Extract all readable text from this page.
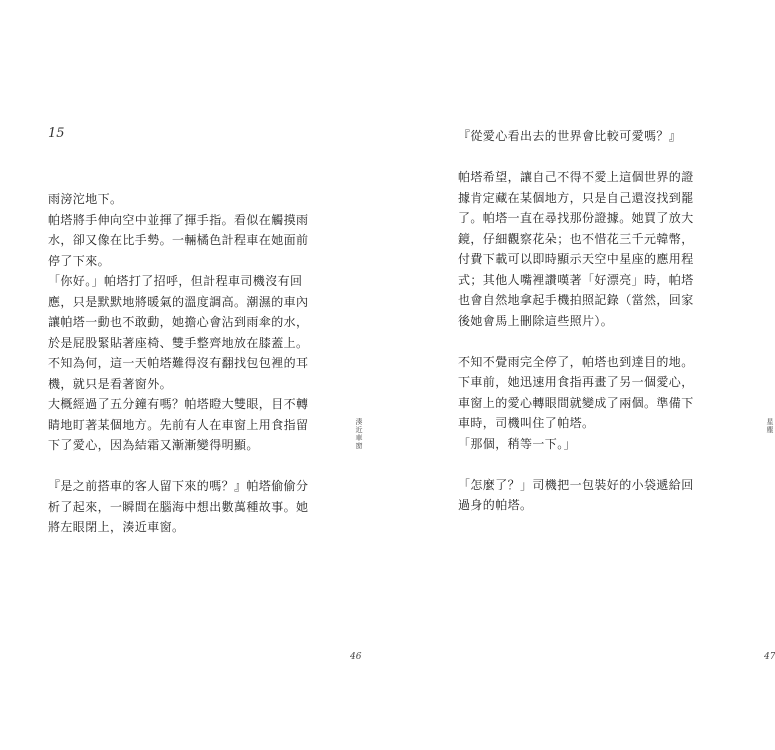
15

雨滂沱地下。

帕塔將手伸向空中並揮了揮手指。看似在觸摸雨水，卻又像在比手勢。一輛橘色計程車在她面前停了下來。

「你好。」帕塔打了招呼，但計程車司機沒有回應，只是默默地將暖氣的溫度調高。潮濕的車內讓帕塔一動也不敢動，她擔心會沾到雨傘的水，於是屁股緊貼著座椅、雙手整齊地放在膝蓋上。不知為何，這一天帕塔難得沒有翻找包包裡的耳機，就只是看著窗外。

大概經過了五分鐘有嗎？帕塔瞪大雙眼，目不轉睛地盯著某個地方。先前有人在車窗上用食指留下了愛心，因為結霜又漸漸變得明顯。

『是之前搭車的客人留下來的嗎？』帕塔偷偷分析了起來，一瞬間在腦海中想出數萬種故事。她將左眼閉上，湊近車窗。

湊近車窗
46

『從愛心看出去的世界會比較可愛嗎？』

帕塔希望，讓自己不得不愛上這個世界的證據肯定藏在某個地方，只是自己還沒找到罷了。帕塔一直在尋找那份證據。她買了放大鏡，仔細觀察花朵；也不惜花三千元韓幣，付費下載可以即時顯示天空中星座的應用程式；其他人嘴裡讚嘆著「好漂亮」時，帕塔也會自然地拿起手機拍照記錄（當然，回家後她會馬上刪除這些照片）。

不知不覺雨完全停了，帕塔也到達目的地。下車前，她迅速用食指再畫了另一個愛心，車窗上的愛心轉眼間就變成了兩個。準備下車時，司機叫住了帕塔。

「那個，稍等一下。」

「怎麼了？」司機把一包裝好的小袋遞給回過身的帕塔。

星塵
47
